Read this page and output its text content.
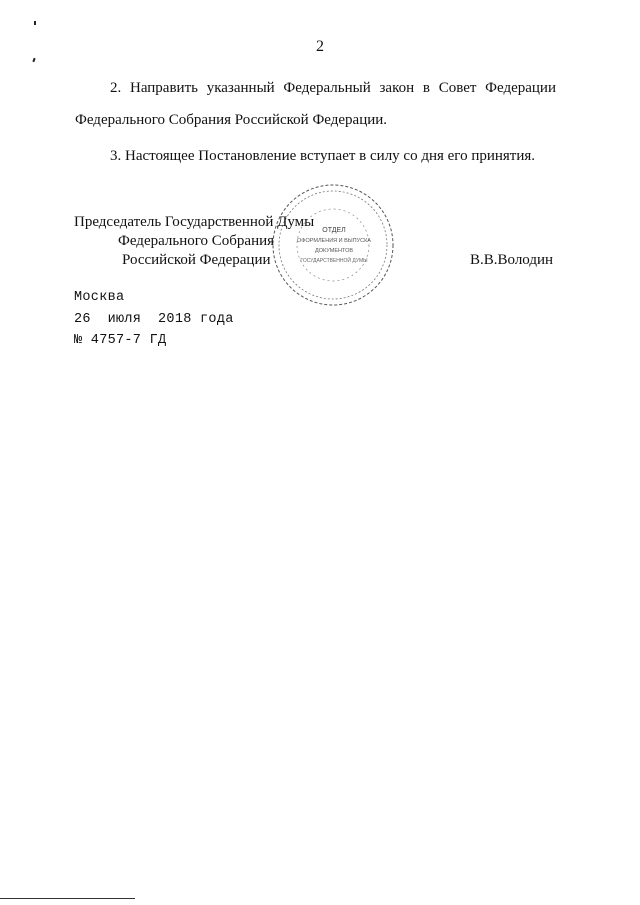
2
2. Направить указанный Федеральный закон в Совет Федерации
Федерального Собрания Российской Федерации.
3. Настоящее Постановление вступает в силу со дня его принятия.
ОТДЕЛ
ОФОРМЛЕНИЯ И ВЫПУСКА
ДОКУМЕНТОВ
ГОСУДАРСТВЕННОЙ ДУМЫ
Председатель Государственной Думы
Федерального Собрания
Российской Федерации	В.В.Володин
Москва
26  июля  2018 года
№ 4757-7 ГД
